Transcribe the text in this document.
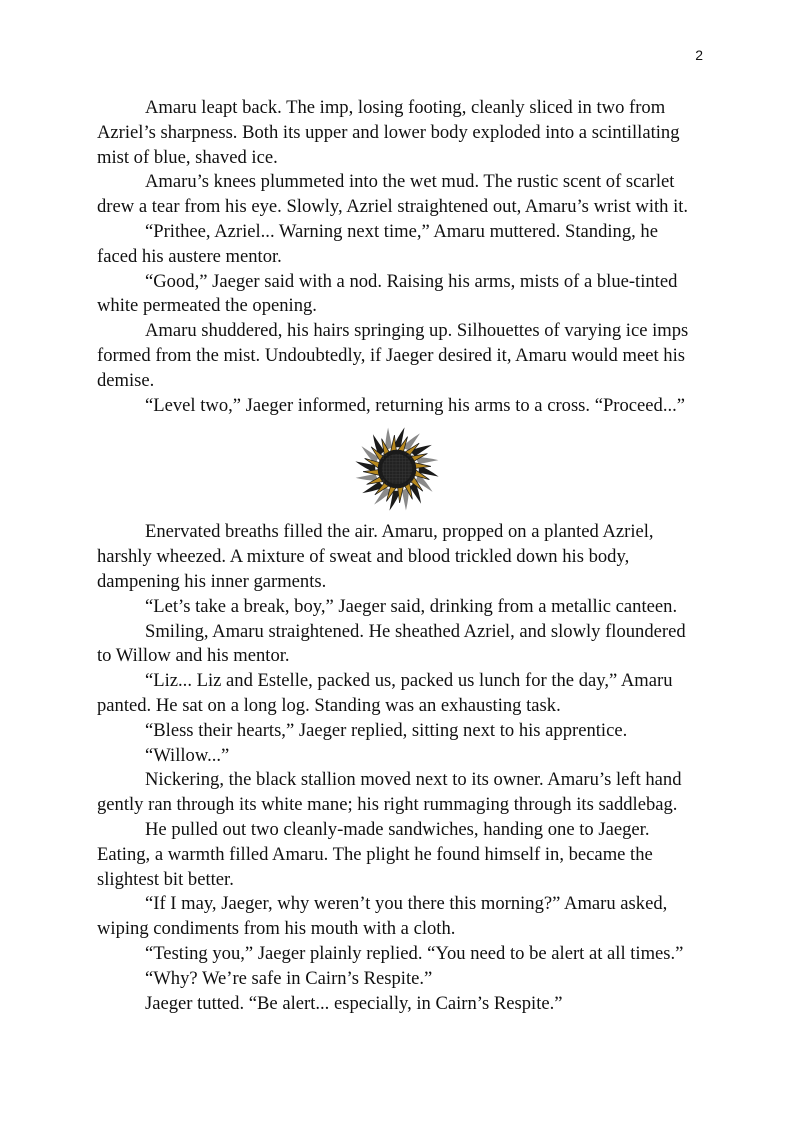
2

Amaru leapt back. The imp, losing footing, cleanly sliced in two from Azriel’s sharpness. Both its upper and lower body exploded into a scintillating mist of blue, shaved ice.

Amaru’s knees plummeted into the wet mud. The rustic scent of scarlet drew a tear from his eye. Slowly, Azriel straightened out, Amaru’s wrist with it.

“Prithee, Azriel... Warning next time,” Amaru muttered. Standing, he faced his austere mentor.

“Good,” Jaeger said with a nod. Raising his arms, mists of a blue-tinted white permeated the opening.

Amaru shuddered, his hairs springing up. Silhouettes of varying ice imps formed from the mist. Undoubtedly, if Jaeger desired it, Amaru would meet his demise.

“Level two,” Jaeger informed, returning his arms to a cross. “Proceed...”

Enervated breaths filled the air. Amaru, propped on a planted Azriel, harshly wheezed. A mixture of sweat and blood trickled down his body, dampening his inner garments.

“Let’s take a break, boy,” Jaeger said, drinking from a metallic canteen.

Smiling, Amaru straightened. He sheathed Azriel, and slowly floundered to Willow and his mentor.

“Liz... Liz and Estelle, packed us, packed us lunch for the day,” Amaru panted. He sat on a long log. Standing was an exhausting task.

“Bless their hearts,” Jaeger replied, sitting next to his apprentice.

“Willow...”

Nickering, the black stallion moved next to its owner. Amaru’s left hand gently ran through its white mane; his right rummaging through its saddlebag.

He pulled out two cleanly-made sandwiches, handing one to Jaeger. Eating, a warmth filled Amaru. The plight he found himself in, became the slightest bit better.

“If I may, Jaeger, why weren’t you there this morning?” Amaru asked, wiping condiments from his mouth with a cloth.

“Testing you,” Jaeger plainly replied. “You need to be alert at all times.”

“Why? We’re safe in Cairn’s Respite.”

Jaeger tutted. “Be alert... especially, in Cairn’s Respite.”
